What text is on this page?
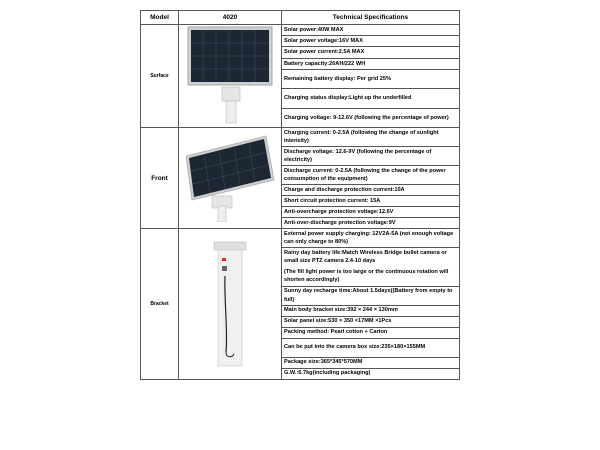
Model	4020	Technical Specifications
Surface		Solar power:40W MAX
		Solar power voltage:16V MAX
		Solar power current:2.5A MAX
		Battery capacity:20AH/222 WH
		Remaining battery display: Per grid 25%
		Charging status display:Light up the underfilled
		Charging voltage: 9-12.6V (following the percentage of power)
Front		Charging current: 0-2.5A (following the change of sunlight intensity)
		Discharge voltage: 12.6-9V (following the percentage of electricity)
		Discharge current: 0-2.5A (following the change of the power consumption of the equipment)
		Charge and discharge protection current:10A
		Short circuit protection current: 15A
		Anti-overcharge protection voltage:12.6V
		Anti-over-discharge protection voltage:9V
Bracket		External power supply charging: 12V2A-5A (not enough voltage can only charge to 80%)

		Rainy day battery life:Match Wireless Bridge bullet camera or small size PTZ camera 2.4-10 days
(The fill light power is too large or the continuous rotation will shorten accordingly)

		Sunny day recharge time:About 1.5days((Battery from empty to full)
		Main body bracket size:392 × 244 × 130mm
		Solar panel size:530 × 350 ×17MM ×1Pcs
		Packing method: Pearl cotton + Carton
		Can be put into the camera box size:235×180×155MM
		Package size:365*345*570MM
		G.W.:6.7kg(including packaging)
